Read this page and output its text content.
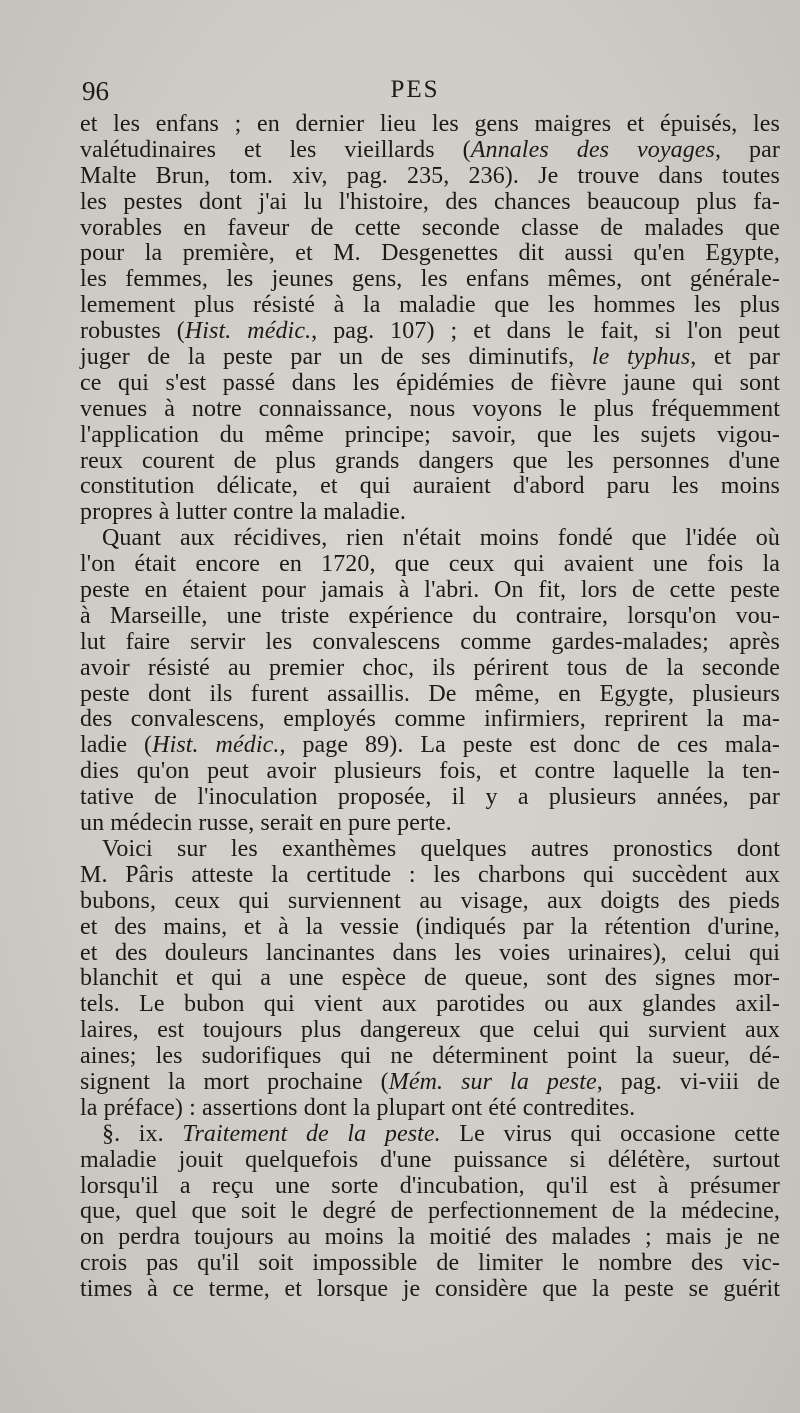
96	PES
et les enfans ; en dernier lieu les gens maigres et épuisés, les
valétudinaires et les vieillards (Annales des voyages, par
Malte Brun, tom. xiv, pag. 235, 236). Je trouve dans toutes
les pestes dont j'ai lu l'histoire, des chances beaucoup plus fa-
vorables en faveur de cette seconde classe de malades que
pour la première, et M. Desgenettes dit aussi qu'en Egypte,
les femmes, les jeunes gens, les enfans mêmes, ont générale-
lemement plus résisté à la maladie que les hommes les plus
robustes (Hist. médic., pag. 107) ; et dans le fait, si l'on peut
juger de la peste par un de ses diminutifs, le typhus, et par
ce qui s'est passé dans les épidémies de fièvre jaune qui sont
venues à notre connaissance, nous voyons le plus fréquemment
l'application du même principe; savoir, que les sujets vigou-
reux courent de plus grands dangers que les personnes d'une
constitution délicate, et qui auraient d'abord paru les moins
propres à lutter contre la maladie.
Quant aux récidives, rien n'était moins fondé que l'idée où
l'on était encore en 1720, que ceux qui avaient une fois la
peste en étaient pour jamais à l'abri. On fit, lors de cette peste
à Marseille, une triste expérience du contraire, lorsqu'on vou-
lut faire servir les convalescens comme gardes-malades; après
avoir résisté au premier choc, ils périrent tous de la seconde
peste dont ils furent assaillis. De même, en Egygte, plusieurs
des convalescens, employés comme infirmiers, reprirent la ma-
ladie (Hist. médic., page 89). La peste est donc de ces mala-
dies qu'on peut avoir plusieurs fois, et contre laquelle la ten-
tative de l'inoculation proposée, il y a plusieurs années, par
un médecin russe, serait en pure perte.
Voici sur les exanthèmes quelques autres pronostics dont
M. Pâris atteste la certitude : les charbons qui succèdent aux
bubons, ceux qui surviennent au visage, aux doigts des pieds
et des mains, et à la vessie (indiqués par la rétention d'urine,
et des douleurs lancinantes dans les voies urinaires), celui qui
blanchit et qui a une espèce de queue, sont des signes mor-
tels. Le bubon qui vient aux parotides ou aux glandes axil-
laires, est toujours plus dangereux que celui qui survient aux
aines; les sudorifiques qui ne déterminent point la sueur, dé-
signent la mort prochaine (Mém. sur la peste, pag. vi-viii de
la préface) : assertions dont la plupart ont été contredites.
§. ix. Traitement de la peste. Le virus qui occasione cette
maladie jouit quelquefois d'une puissance si délétère, surtout
lorsqu'il a reçu une sorte d'incubation, qu'il est à présumer
que, quel que soit le degré de perfectionnement de la médecine,
on perdra toujours au moins la moitié des malades ; mais je ne
crois pas qu'il soit impossible de limiter le nombre des vic-
times à ce terme, et lorsque je considère que la peste se guérit
